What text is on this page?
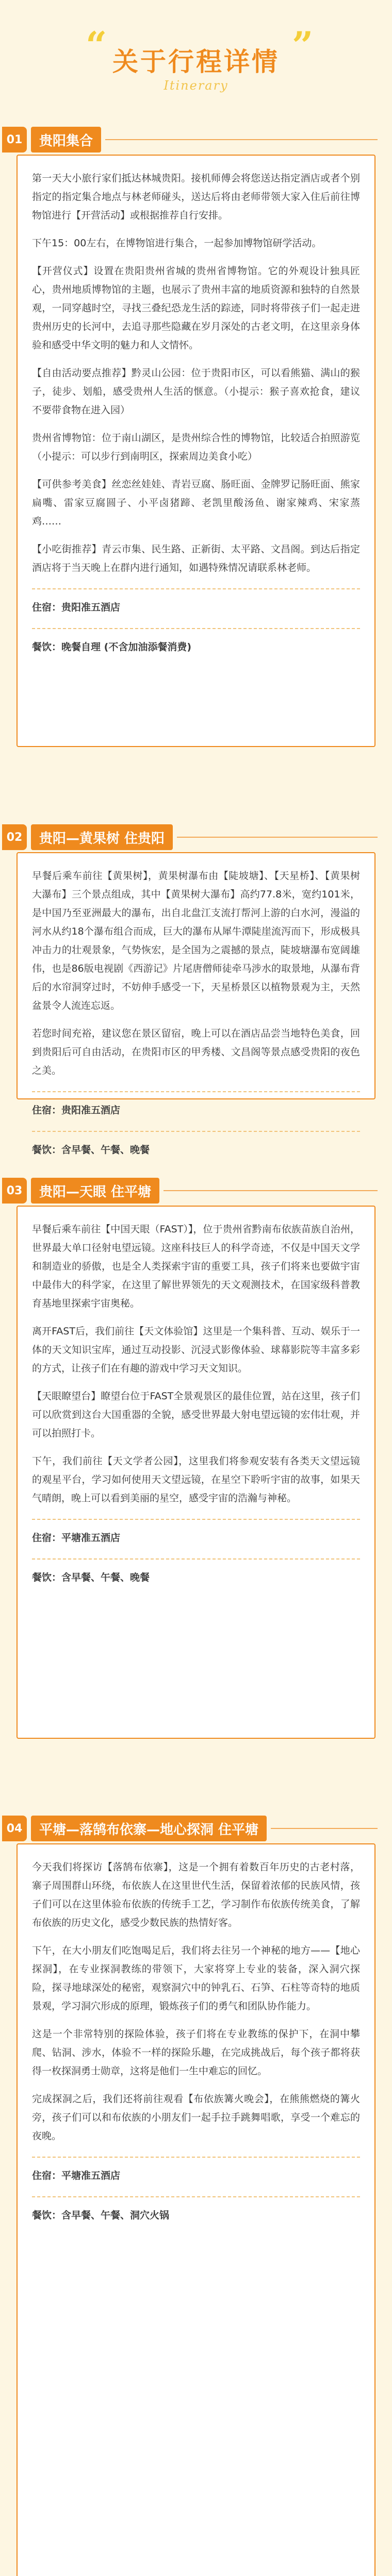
“ 关于行程详情 ”
Itinerary
01	贵阳集合

第一天大小旅行家们抵达林城贵阳。接机师傅会将您送达指定酒店或者个别指定的指定集合地点与林老师碰头，送达后将由老师带领大家入住后前往博物馆进行【开营活动】或根据推荐自行安排。

下午15：00左右，在博物馆进行集合，一起参加博物馆研学活动。

【开营仪式】设置在贵阳贵州省城的贵州省博物馆。它的外观设计独具匠心，贵州地质博物馆的主题，也展示了贵州丰富的地质资源和独特的自然景观，一同穿越时空，寻找三叠纪恐龙生活的踪迹，同时将带孩子们一起走进贵州历史的长河中，去追寻那些隐藏在岁月深处的古老文明，在这里亲身体验和感受中华文明的魅力和人文情怀。

【自由活动要点推荐】黔灵山公园：位于贵阳市区，可以看熊猫、满山的猴子，徒步、划船，感受贵州人生活的惬意。（小提示：猴子喜欢抢食，建议不要带食物在进入园）

贵州省博物馆：位于南山湖区，是贵州综合性的博物馆，比较适合拍照游览（小提示：可以步行到南明区，探索周边美食小吃）

【可供参考美食】丝恋丝娃娃、青岩豆腐、肠旺面、金牌罗记肠旺面、熊家扁嘴、雷家豆腐圆子、小平卤猪蹄、老凯里酸汤鱼、谢家辣鸡、宋家蒸鸡……

【小吃街推荐】青云市集、民生路、正新街、太平路、文昌阁。到达后指定酒店将于当天晚上在群内进行通知，如遇特殊情况请联系林老师。

住宿：贵阳准五酒店
餐饮：晚餐自理 (不含加油添餐消费)
02	贵阳—黄果树 住贵阳

早餐后乘车前往【黄果树】，黄果树瀑布由【陡坡塘】、【天星桥】、【黄果树大瀑布】三个景点组成，其中【黄果树大瀑布】高约77.8米，宽约101米，是中国乃至亚洲最大的瀑布，出自北盘江支流打帮河上游的白水河，漫溢的河水从约18个瀑布组合而成，巨大的瀑布从犀牛潭陡崖流泻而下，形成极具冲击力的壮观景象，气势恢宏，是全国为之震撼的景点，陡坡塘瀑布宽阔雄伟，也是86版电视剧《西游记》片尾唐僧师徒牵马涉水的取景地，从瀑布背后的水帘洞穿过时，不妨伸手感受一下，天星桥景区以植物景观为主，天然盆景令人流连忘返。

若您时间充裕，建议您在景区留宿，晚上可以在酒店品尝当地特色美食，回到贵阳后可自由活动，在贵阳市区的甲秀楼、文昌阁等景点感受贵阳的夜色之美。

住宿：贵阳准五酒店
餐饮：含早餐、午餐、晚餐
03	贵阳—天眼 住平塘

早餐后乘车前往【中国天眼（FAST）】，位于贵州省黔南布依族苗族自治州，世界最大单口径射电望远镜。这座科技巨人的科学奇迹，不仅是中国天文学和制造业的骄傲，也是全人类探索宇宙的重要工具，孩子们将来也要做宇宙中最伟大的科学家，在这里了解世界领先的天文观测技术，在国家级科普教育基地里探索宇宙奥秘。

离开FAST后，我们前往【天文体验馆】这里是一个集科普、互动、娱乐于一体的天文知识宝库，通过互动投影、沉浸式影像体验、球幕影院等丰富多彩的方式，让孩子们在有趣的游戏中学习天文知识。

【天眼瞭望台】瞭望台位于FAST全景观景区的最佳位置，站在这里，孩子们可以欣赏到这台大国重器的全貌，感受世界最大射电望远镜的宏伟壮观，并可以拍照打卡。

下午，我们前往【天文学者公园】，这里我们将参观安装有各类天文望远镜的观星平台，学习如何使用天文望远镜，在星空下聆听宇宙的故事，如果天气晴朗，晚上可以看到美丽的星空，感受宇宙的浩瀚与神秘。

住宿：平塘准五酒店
餐饮：含早餐、午餐、晚餐
04	平塘—落鹄布依寨—地心探洞 住平塘

今天我们将探访【落鹄布依寨】，这是一个拥有着数百年历史的古老村落，寨子周围群山环绕，布依族人在这里世代生活，保留着浓郁的民族风情，孩子们可以在这里体验布依族的传统手工艺，学习制作布依族传统美食，了解布依族的历史文化，感受少数民族的热情好客。

下午，在大小朋友们吃饱喝足后，我们将去往另一个神秘的地方——【地心探洞】，在专业探洞教练的带领下，大家将穿上专业的装备，深入洞穴探险，探寻地球深处的秘密，观察洞穴中的钟乳石、石笋、石柱等奇特的地质景观，学习洞穴形成的原理，锻炼孩子们的勇气和团队协作能力。

这是一个非常特别的探险体验，孩子们将在专业教练的保护下，在洞中攀爬、钻洞、涉水，体验不一样的探险乐趣，在完成挑战后，每个孩子都将获得一枚探洞勇士勋章，这将是他们一生中难忘的回忆。

完成探洞之后，我们还将前往观看【布依族篝火晚会】，在熊熊燃烧的篝火旁，孩子们可以和布依族的小朋友们一起手拉手跳舞唱歌，享受一个难忘的夜晚。

住宿：平塘准五酒店
餐饮：含早餐、午餐、洞穴火锅
